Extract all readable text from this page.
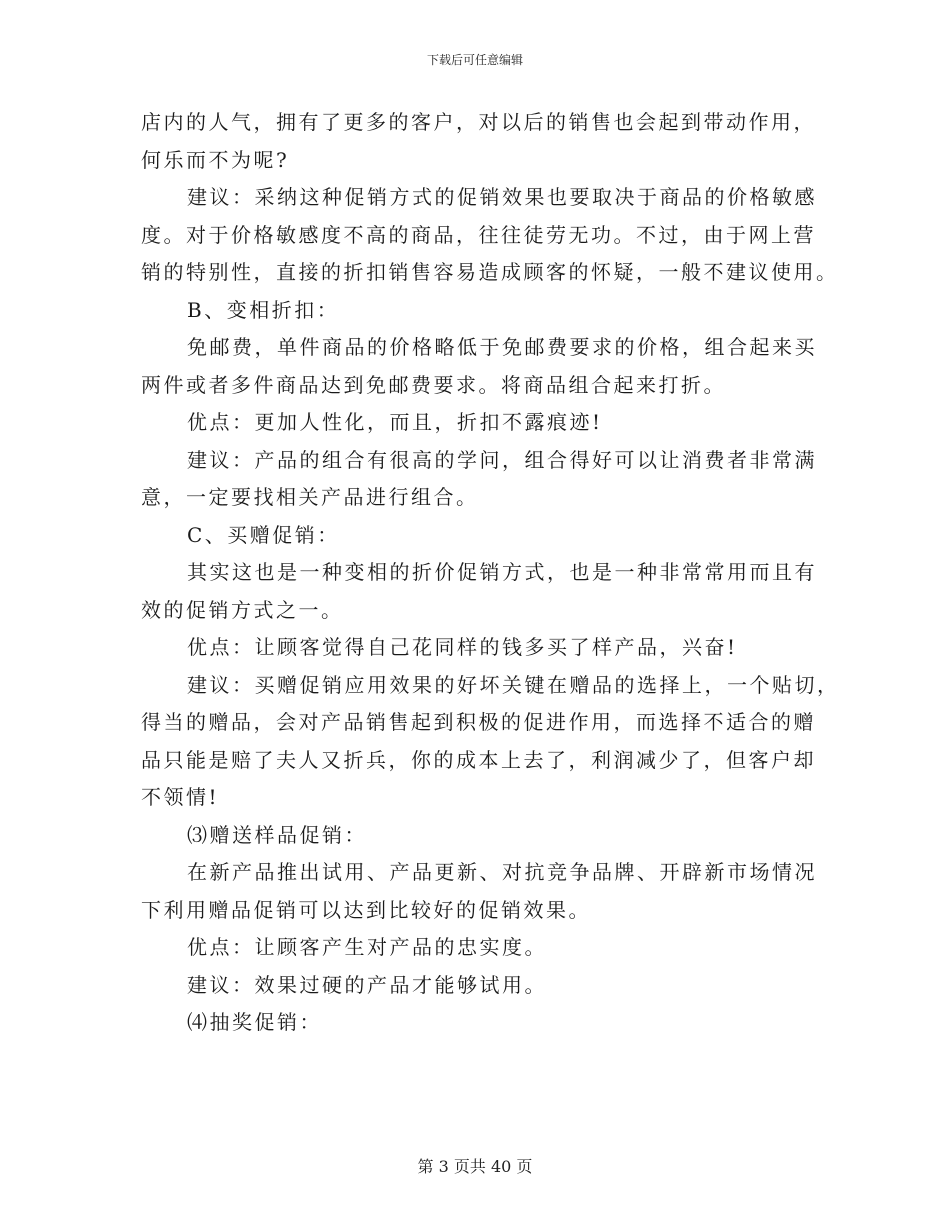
下载后可任意编辑
店内的人气，拥有了更多的客户，对以后的销售也会起到带动作用，
何乐而不为呢?
建议：采纳这种促销方式的促销效果也要取决于商品的价格敏感
度。对于价格敏感度不高的商品，往往徒劳无功。不过，由于网上营
销的特别性，直接的折扣销售容易造成顾客的怀疑，一般不建议使用。
B、变相折扣：
免邮费，单件商品的价格略低于免邮费要求的价格，组合起来买
两件或者多件商品达到免邮费要求。将商品组合起来打折。
优点：更加人性化，而且，折扣不露痕迹!
建议：产品的组合有很高的学问，组合得好可以让消费者非常满
意，一定要找相关产品进行组合。
C、买赠促销：
其实这也是一种变相的折价促销方式，也是一种非常常用而且有
效的促销方式之一。
优点：让顾客觉得自己花同样的钱多买了样产品，兴奋!
建议：买赠促销应用效果的好坏关键在赠品的选择上，一个贴切，
得当的赠品，会对产品销售起到积极的促进作用，而选择不适合的赠
品只能是赔了夫人又折兵，你的成本上去了，利润减少了，但客户却
不领情!
⑶赠送样品促销：
在新产品推出试用、产品更新、对抗竞争品牌、开辟新市场情况
下利用赠品促销可以达到比较好的促销效果。
优点：让顾客产生对产品的忠实度。
建议：效果过硬的产品才能够试用。
⑷抽奖促销：
第 3 页共 40 页
